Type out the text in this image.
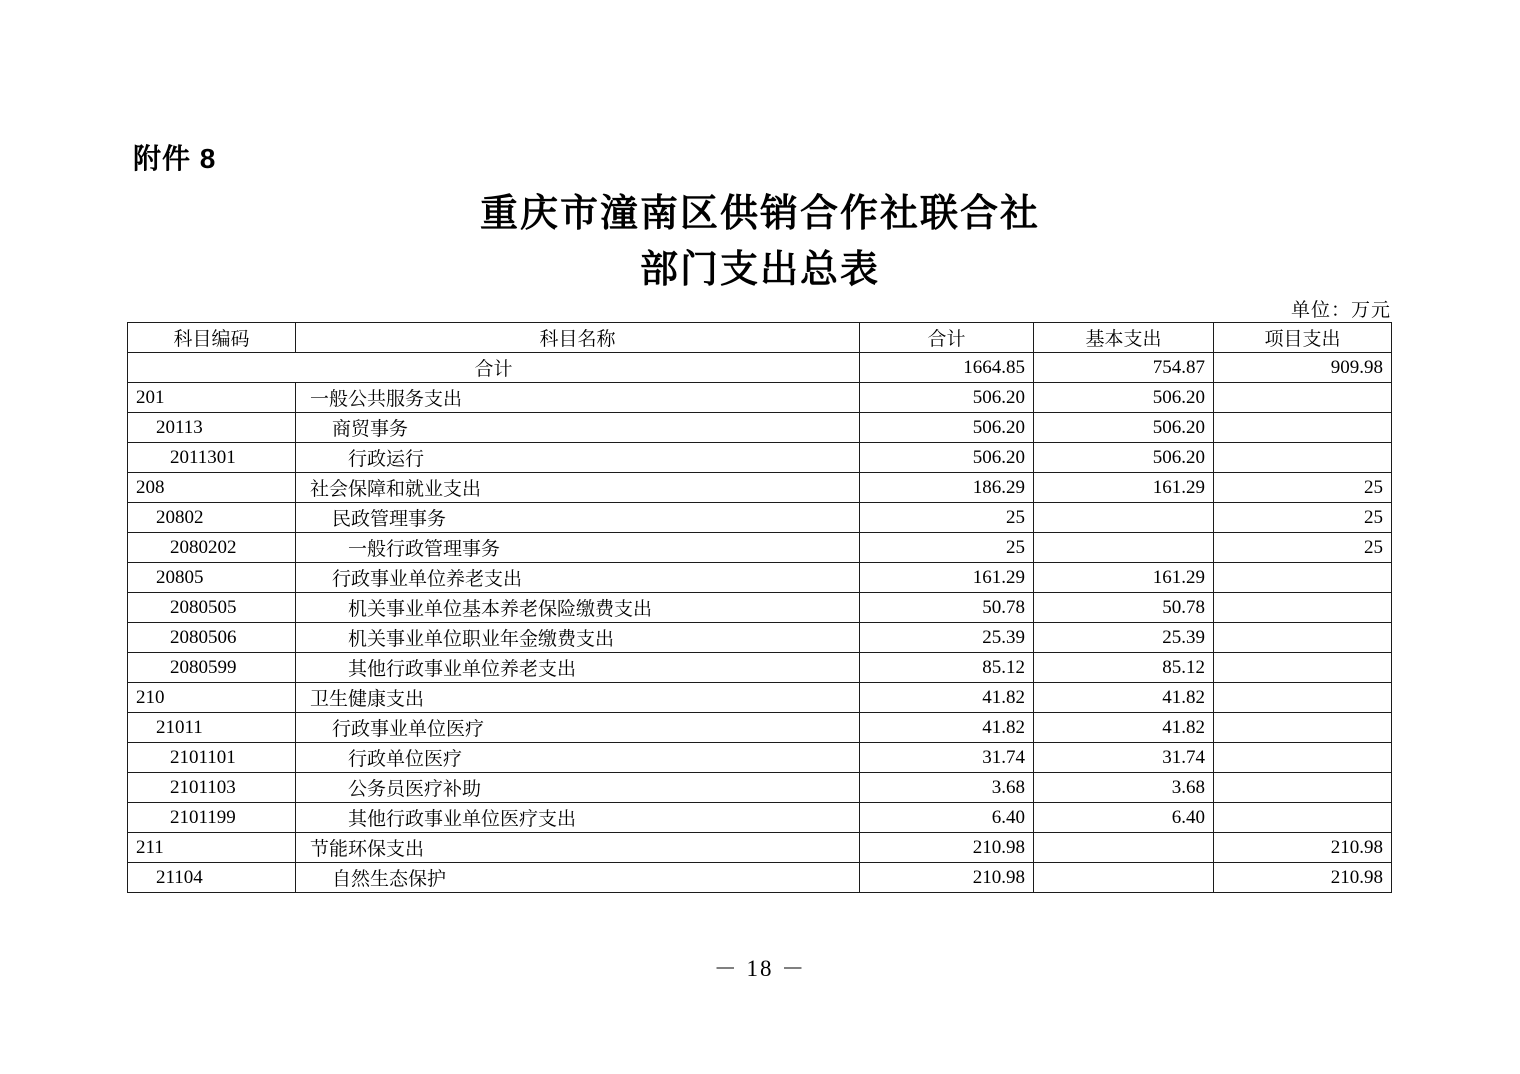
附件 8
重庆市潼南区供销合作社联合社
部门支出总表
单位：万元
科目编码	科目名称	合计	基本支出	项目支出
合计		1664.85	754.87	909.98
201	一般公共服务支出	506.20	506.20	
20113	商贸事务	506.20	506.20	
2011301	行政运行	506.20	506.20	
208	社会保障和就业支出	186.29	161.29	25
20802	民政管理事务	25		25
2080202	一般行政管理事务	25		25
20805	行政事业单位养老支出	161.29	161.29	
2080505	机关事业单位基本养老保险缴费支出	50.78	50.78	
2080506	机关事业单位职业年金缴费支出	25.39	25.39	
2080599	其他行政事业单位养老支出	85.12	85.12	
210	卫生健康支出	41.82	41.82	
21011	行政事业单位医疗	41.82	41.82	
2101101	行政单位医疗	31.74	31.74	
2101103	公务员医疗补助	3.68	3.68	
2101199	其他行政事业单位医疗支出	6.40	6.40	
211	节能环保支出	210.98		210.98
21104	自然生态保护	210.98		210.98
－ 18 －
